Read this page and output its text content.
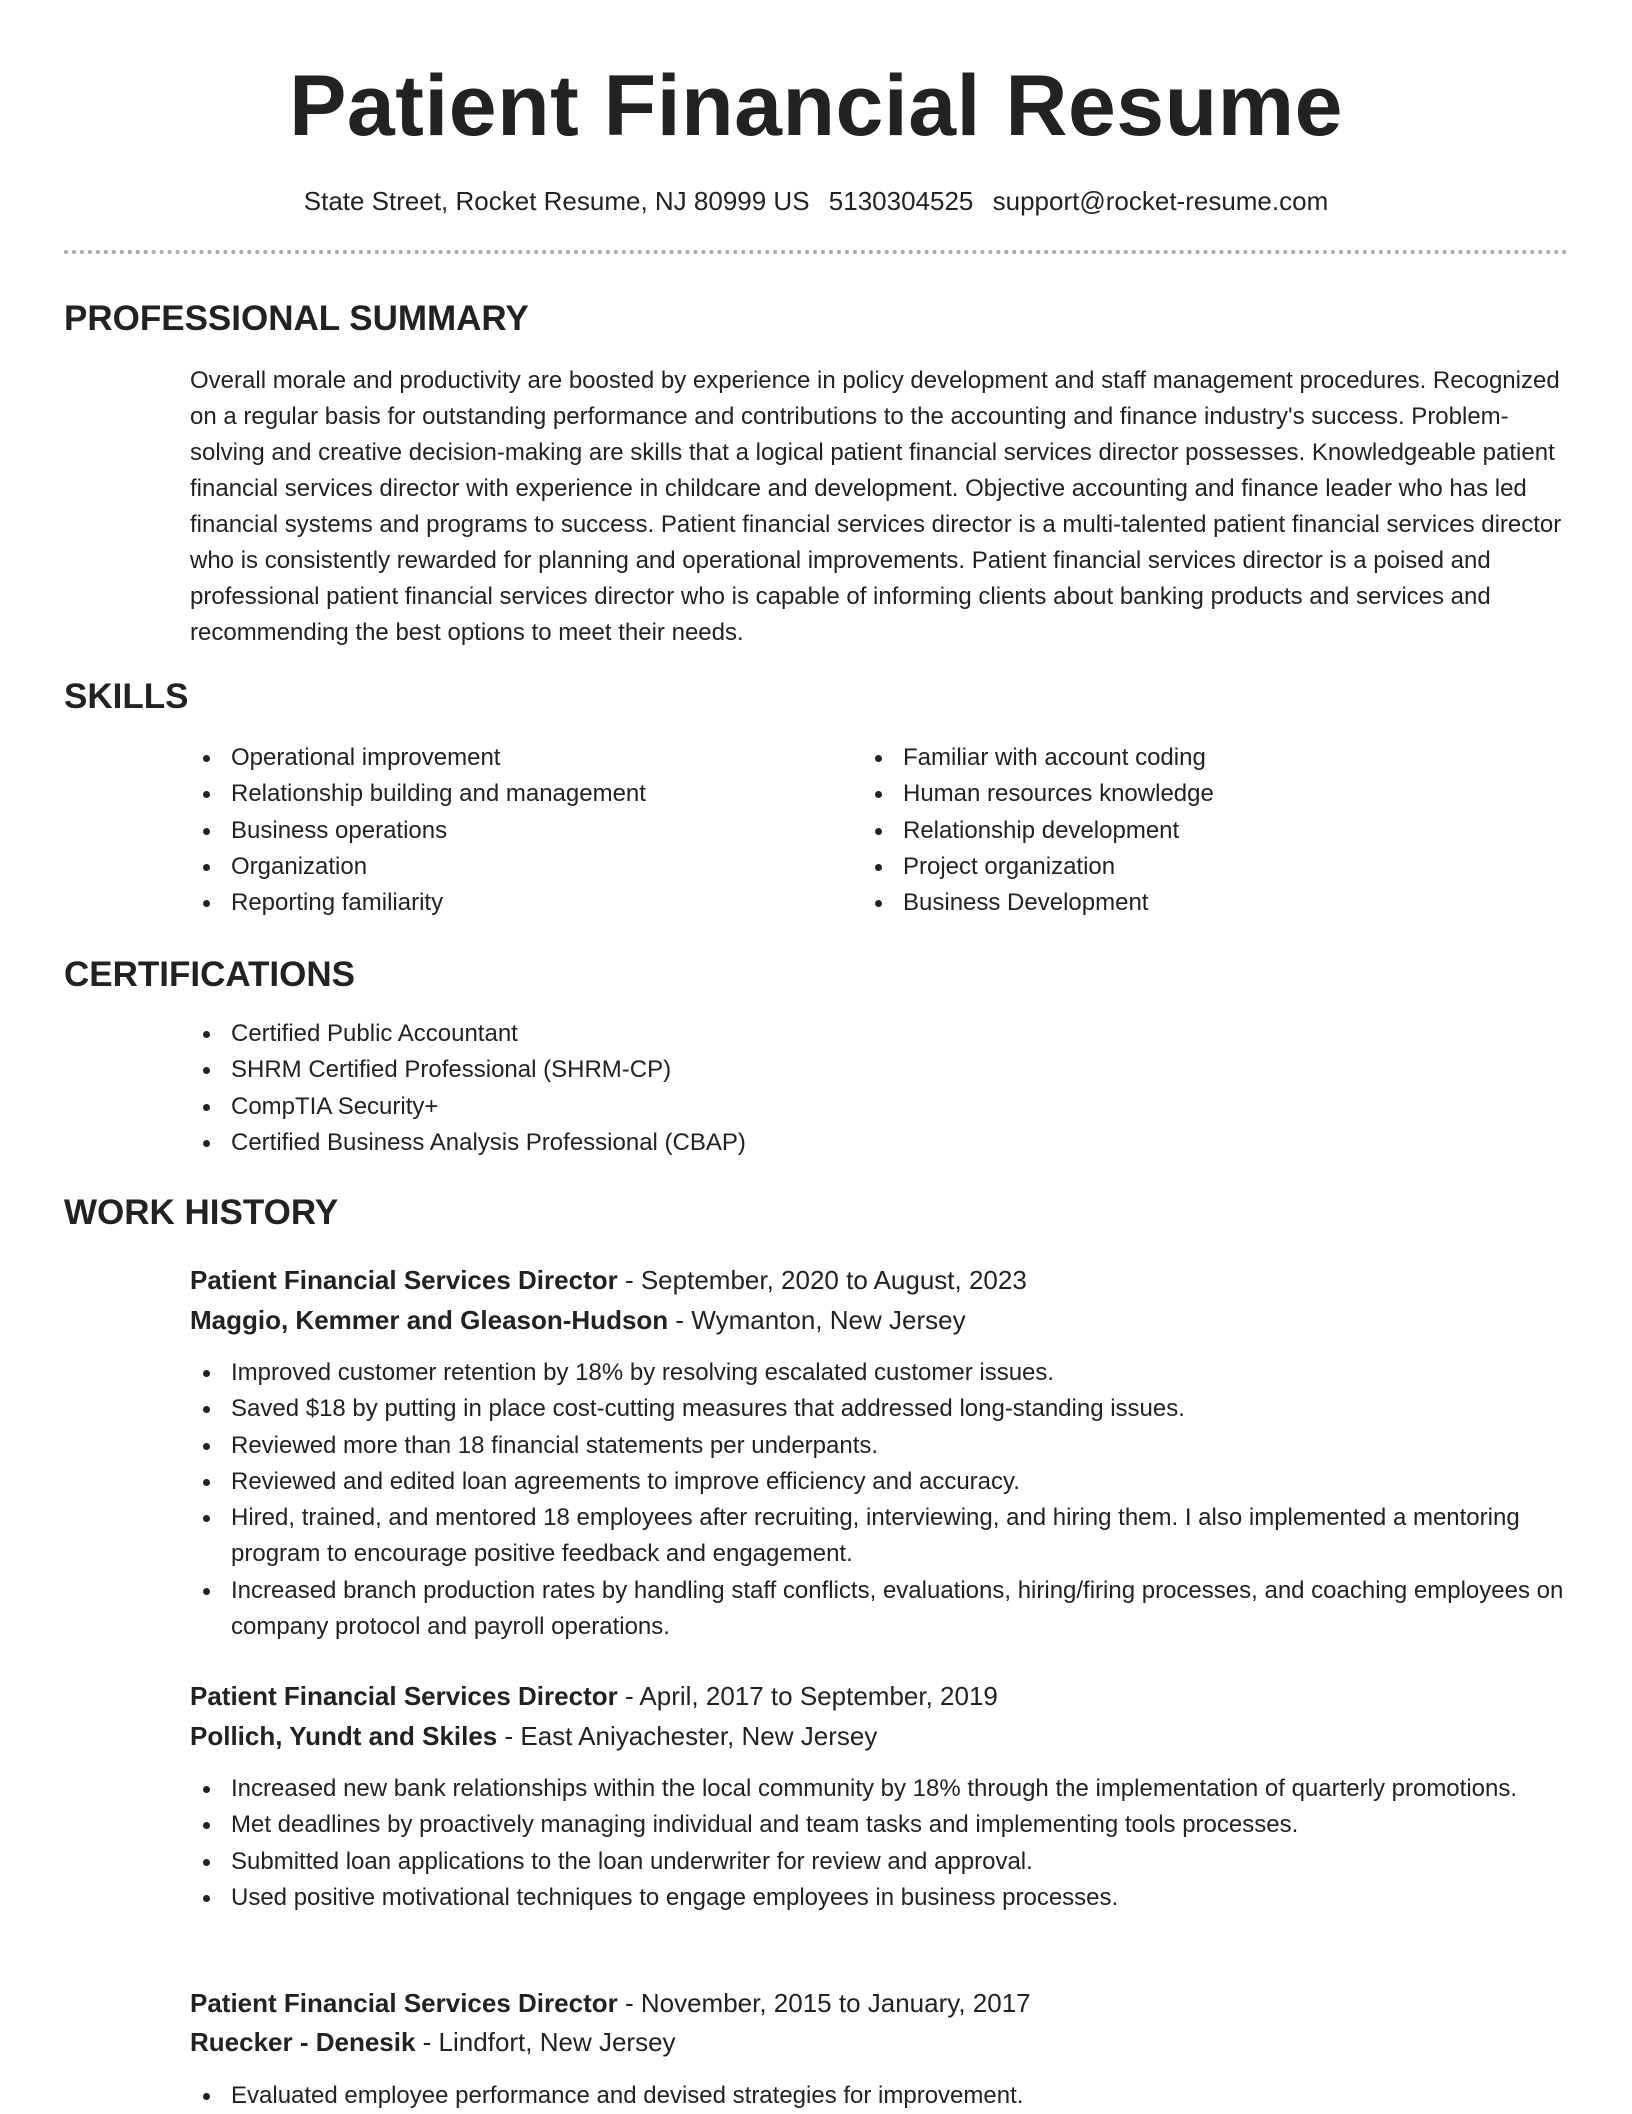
Patient Financial Resume
State Street, Rocket Resume, NJ 80999 US 5130304525 support@rocket-resume.com
PROFESSIONAL SUMMARY

Overall morale and productivity are boosted by experience in policy development and staff management procedures. Recognized on a regular basis for outstanding performance and contributions to the accounting and finance industry's success. Problem-solving and creative decision-making are skills that a logical patient financial services director possesses. Knowledgeable patient financial services director with experience in childcare and development. Objective accounting and finance leader who has led financial systems and programs to success. Patient financial services director is a multi-talented patient financial services director who is consistently rewarded for planning and operational improvements. Patient financial services director is a poised and professional patient financial services director who is capable of informing clients about banking products and services and recommending the best options to meet their needs.

SKILLS
Operational improvement
Relationship building and management
Business operations
Organization
Reporting familiarity
Familiar with account coding
Human resources knowledge
Relationship development
Project organization
Business Development
CERTIFICATIONS
Certified Public Accountant
SHRM Certified Professional (SHRM-CP)
CompTIA Security+
Certified Business Analysis Professional (CBAP)
WORK HISTORY
Patient Financial Services Director - September, 2020 to August, 2023
Maggio, Kemmer and Gleason-Hudson - Wymanton, New Jersey
Improved customer retention by 18% by resolving escalated customer issues.
Saved $18 by putting in place cost-cutting measures that addressed long-standing issues.
Reviewed more than 18 financial statements per underpants.
Reviewed and edited loan agreements to improve efficiency and accuracy.
Hired, trained, and mentored 18 employees after recruiting, interviewing, and hiring them. I also implemented a mentoring program to encourage positive feedback and engagement.
Increased branch production rates by handling staff conflicts, evaluations, hiring/firing processes, and coaching employees on company protocol and payroll operations.
Patient Financial Services Director - April, 2017 to September, 2019
Pollich, Yundt and Skiles - East Aniyachester, New Jersey
Increased new bank relationships within the local community by 18% through the implementation of quarterly promotions.
Met deadlines by proactively managing individual and team tasks and implementing tools processes.
Submitted loan applications to the loan underwriter for review and approval.
Used positive motivational techniques to engage employees in business processes.
Patient Financial Services Director - November, 2015 to January, 2017
Ruecker - Denesik - Lindfort, New Jersey
Evaluated employee performance and devised strategies for improvement.
